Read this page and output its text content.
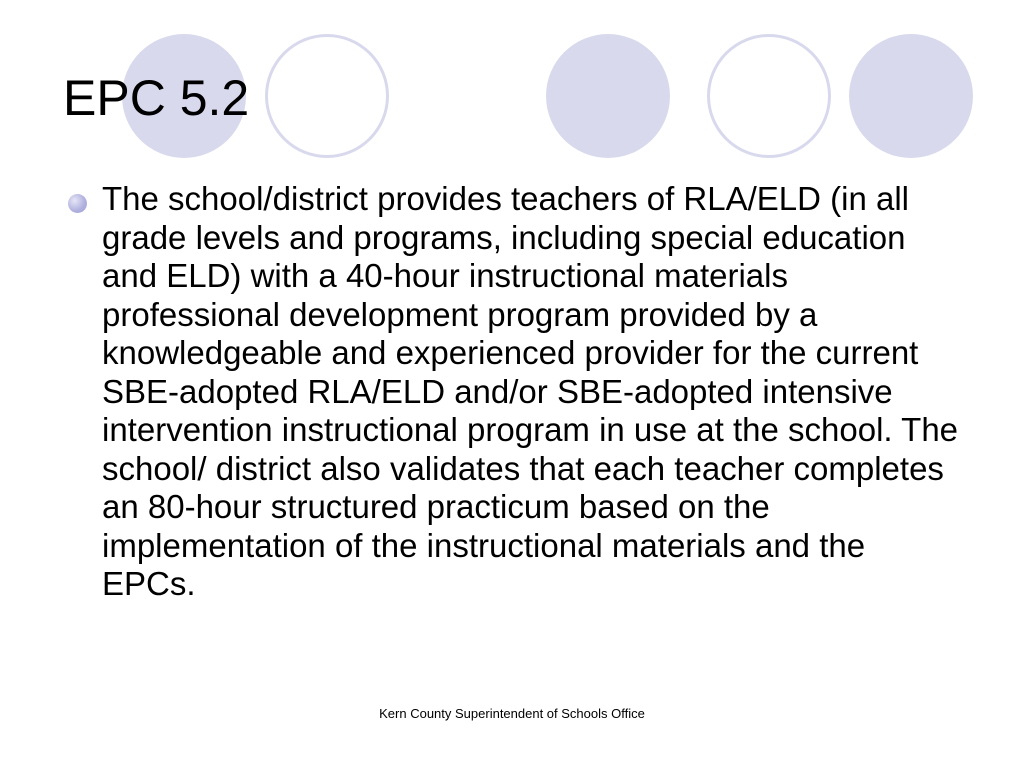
EPC 5.2
The school/district provides teachers of RLA/ELD (in all grade levels and programs, including special education and ELD) with a 40-hour instructional materials professional development program provided by a knowledgeable and experienced provider for the current SBE-adopted RLA/ELD and/or SBE-adopted intensive intervention instructional program in use at the school. The school/ district also validates that each teacher completes an 80-hour structured practicum based on the implementation of the instructional materials and the EPCs.
Kern County Superintendent of Schools Office
